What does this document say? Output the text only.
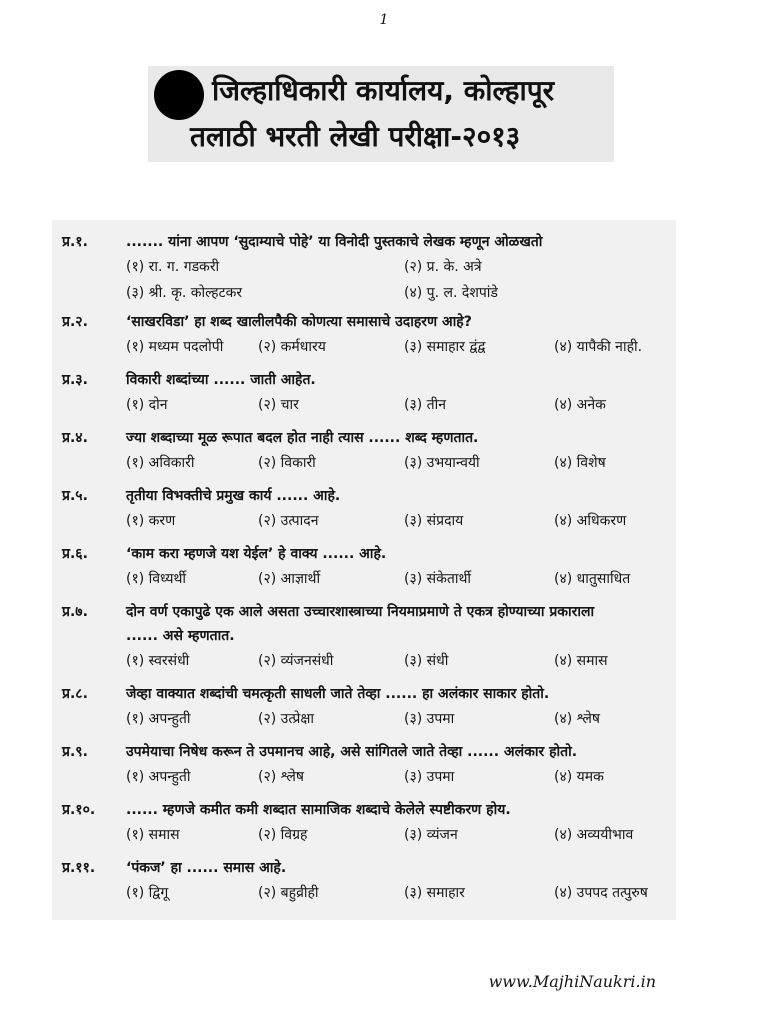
1
जिल्हाधिकारी कार्यालय, कोल्हापूर
तलाठी भरती लेखी परीक्षा-२०१३
प्र.१.	....... यांना आपण ‘सुदाम्याचे पोहे’ या विनोदी पुस्तकाचे लेखक म्हणून ओळखतो
(१) रा. ग. गडकरी	(२) प्र. के. अत्रे
(३) श्री. कृ. कोल्हटकर	(४) पु. ल. देशपांडे
प्र.२.	‘साखरविडा’ हा शब्द खालीलपैकी कोणत्या समासाचे उदाहरण आहे?
(१) मध्यम पदलोपी (२) कर्मधारय	(३) समाहार द्वंद्व	(४) यापैकी नाही.
प्र.३.	विकारी शब्दांच्या ...... जाती आहेत.
(१) दोन	(२) चार	(३) तीन	(४) अनेक
प्र.४.	ज्या शब्दाच्या मूळ रूपात बदल होत नाही त्यास ...... शब्द म्हणतात.
(१) अविकारी	(२) विकारी	(३) उभयान्वयी	(४) विशेष
प्र.५.	तृतीया विभक्तीचे प्रमुख कार्य ...... आहे.
(१) करण	(२) उत्पादन	(३) संप्रदाय	(४) अधिकरण
प्र.६.	‘काम करा म्हणजे यश येईल’ हे वाक्य ...... आहे.
(१) विध्यर्थी	(२) आज्ञार्थी	(३) संकेतार्थी	(४) धातुसाधित
प्र.७.	दोन वर्ण एकापुढे एक आले असता उच्चारशास्त्राच्या नियमाप्रमाणे ते एकत्र होण्याच्या प्रकाराला
...... असे म्हणतात.
(१) स्वरसंधी	(२) व्यंजनसंधी	(३) संधी	(४) समास
प्र.८.	जेव्हा वाक्यात शब्दांची चमत्कृती साधली जाते तेव्हा ...... हा अलंकार साकार होतो.
(१) अपन्हुती	(२) उत्प्रेक्षा	(३) उपमा	(४) श्लेष
प्र.९.	उपमेयाचा निषेध करून ते उपमानच आहे, असे सांगितले जाते तेव्हा ...... अलंकार होतो.
(१) अपन्हुती	(२) श्लेष	(३) उपमा	(४) यमक
प्र.१०. ...... म्हणजे कमीत कमी शब्दात सामाजिक शब्दाचे केलेले स्पष्टीकरण होय.
(१) समास	(२) विग्रह	(३) व्यंजन	(४) अव्ययीभाव
प्र.११. ‘पंकज’ हा ...... समास आहे.
(१) द्विगू	(२) बहुव्रीही	(३) समाहार	(४) उपपद तत्पुरुष
www.MajhiNaukri.in
